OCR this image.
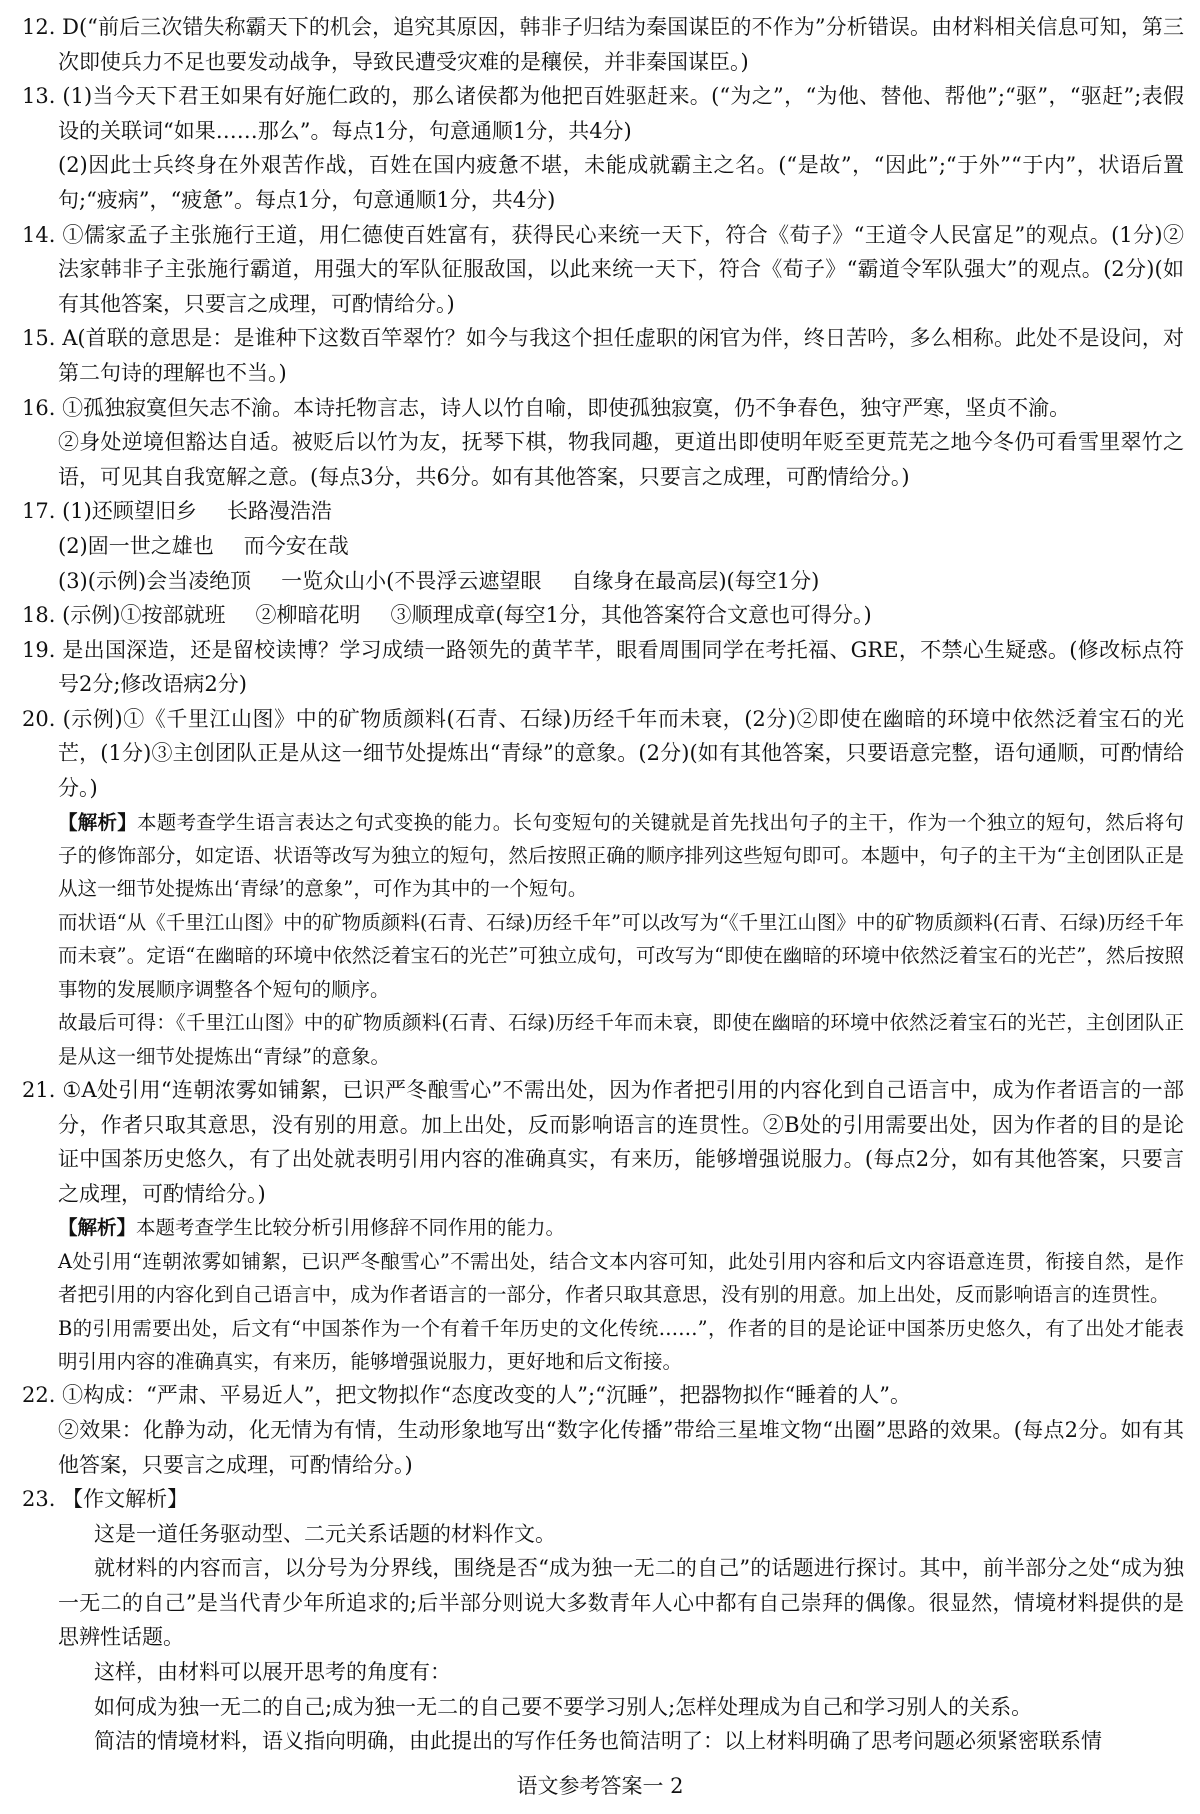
12. D(“前后三次错失称霸天下的机会，追究其原因，韩非子归结为秦国谋臣的不作为”分析错误。由材料相关信息可知，第三次即使兵力不足也要发动战争，导致民遭受灾难的是穰侯，并非秦国谋臣。)

13. (1)当今天下君王如果有好施仁政的，那么诸侯都为他把百姓驱赶来。(“为之”，“为他、替他、帮他”;“驱”，“驱赶”;表假设的关联词“如果……那么”。每点1分，句意通顺1分，共4分)

(2)因此士兵终身在外艰苦作战，百姓在国内疲惫不堪，未能成就霸主之名。(“是故”，“因此”;“于外”“于内”，状语后置句;“疲病”，“疲惫”。每点1分，句意通顺1分，共4分)

14. ①儒家孟子主张施行王道，用仁德使百姓富有，获得民心来统一天下，符合《荀子》“王道令人民富足”的观点。(1分)②法家韩非子主张施行霸道，用强大的军队征服敌国，以此来统一天下，符合《荀子》“霸道令军队强大”的观点。(2分)(如有其他答案，只要言之成理，可酌情给分。)

15. A(首联的意思是：是谁种下这数百竿翠竹？如今与我这个担任虚职的闲官为伴，终日苦吟，多么相称。此处不是设问，对第二句诗的理解也不当。)

16. ①孤独寂寞但矢志不渝。本诗托物言志，诗人以竹自喻，即使孤独寂寞，仍不争春色，独守严寒，坚贞不渝。

②身处逆境但豁达自适。被贬后以竹为友，抚琴下棋，物我同趣，更道出即使明年贬至更荒芜之地今冬仍可看雪里翠竹之语，可见其自我宽解之意。(每点3分，共6分。如有其他答案，只要言之成理，可酌情给分。)

17. (1)还顾望旧乡 长路漫浩浩

(2)固一世之雄也 而今安在哉

(3)(示例)会当凌绝顶 一览众山小(不畏浮云遮望眼 自缘身在最高层)(每空1分)

18. (示例)①按部就班 ②柳暗花明 ③顺理成章(每空1分，其他答案符合文意也可得分。)

19. 是出国深造，还是留校读博？学习成绩一路领先的黄芊芊，眼看周围同学在考托福、GRE，不禁心生疑惑。(修改标点符号2分;修改语病2分)

20. (示例)①《千里江山图》中的矿物质颜料(石青、石绿)历经千年而未衰，(2分)②即使在幽暗的环境中依然泛着宝石的光芒，(1分)③主创团队正是从这一细节处提炼出“青绿”的意象。(2分)(如有其他答案，只要语意完整，语句通顺，可酌情给分。)

【解析】本题考查学生语言表达之句式变换的能力。长句变短句的关键就是首先找出句子的主干，作为一个独立的短句，然后将句子的修饰部分，如定语、状语等改写为独立的短句，然后按照正确的顺序排列这些短句即可。本题中，句子的主干为“主创团队正是从这一细节处提炼出‘青绿’的意象”，可作为其中的一个短句。

而状语“从《千里江山图》中的矿物质颜料(石青、石绿)历经千年”可以改写为“《千里江山图》中的矿物质颜料(石青、石绿)历经千年而未衰”。定语“在幽暗的环境中依然泛着宝石的光芒”可独立成句，可改写为“即使在幽暗的环境中依然泛着宝石的光芒”，然后按照事物的发展顺序调整各个短句的顺序。

故最后可得：《千里江山图》中的矿物质颜料(石青、石绿)历经千年而未衰，即使在幽暗的环境中依然泛着宝石的光芒，主创团队正是从这一细节处提炼出“青绿”的意象。

21. ①A处引用“连朝浓雾如铺絮，已识严冬酿雪心”不需出处，因为作者把引用的内容化到自己语言中，成为作者语言的一部分，作者只取其意思，没有别的用意。加上出处，反而影响语言的连贯性。②B处的引用需要出处，因为作者的目的是论证中国茶历史悠久，有了出处就表明引用内容的准确真实，有来历，能够增强说服力。(每点2分，如有其他答案，只要言之成理，可酌情给分。)

【解析】本题考查学生比较分析引用修辞不同作用的能力。

A处引用“连朝浓雾如铺絮，已识严冬酿雪心”不需出处，结合文本内容可知，此处引用内容和后文内容语意连贯，衔接自然，是作者把引用的内容化到自己语言中，成为作者语言的一部分，作者只取其意思，没有别的用意。加上出处，反而影响语言的连贯性。

B的引用需要出处，后文有“中国茶作为一个有着千年历史的文化传统……”，作者的目的是论证中国茶历史悠久，有了出处才能表明引用内容的准确真实，有来历，能够增强说服力，更好地和后文衔接。

22. ①构成：“严肃、平易近人”，把文物拟作“态度改变的人”;“沉睡”，把器物拟作“睡着的人”。

②效果：化静为动，化无情为有情，生动形象地写出“数字化传播”带给三星堆文物“出圈”思路的效果。(每点2分。如有其他答案，只要言之成理，可酌情给分。)

23. 【作文解析】

这是一道任务驱动型、二元关系话题的材料作文。

就材料的内容而言，以分号为分界线，围绕是否“成为独一无二的自己”的话题进行探讨。其中，前半部分之处“成为独一无二的自己”是当代青少年所追求的;后半部分则说大多数青年人心中都有自己崇拜的偶像。很显然，情境材料提供的是思辨性话题。

这样，由材料可以展开思考的角度有：

如何成为独一无二的自己;成为独一无二的自己要不要学习别人;怎样处理成为自己和学习别人的关系。

简洁的情境材料，语义指向明确，由此提出的写作任务也简洁明了：以上材料明确了思考问题必须紧密联系情

语文参考答案一 2
